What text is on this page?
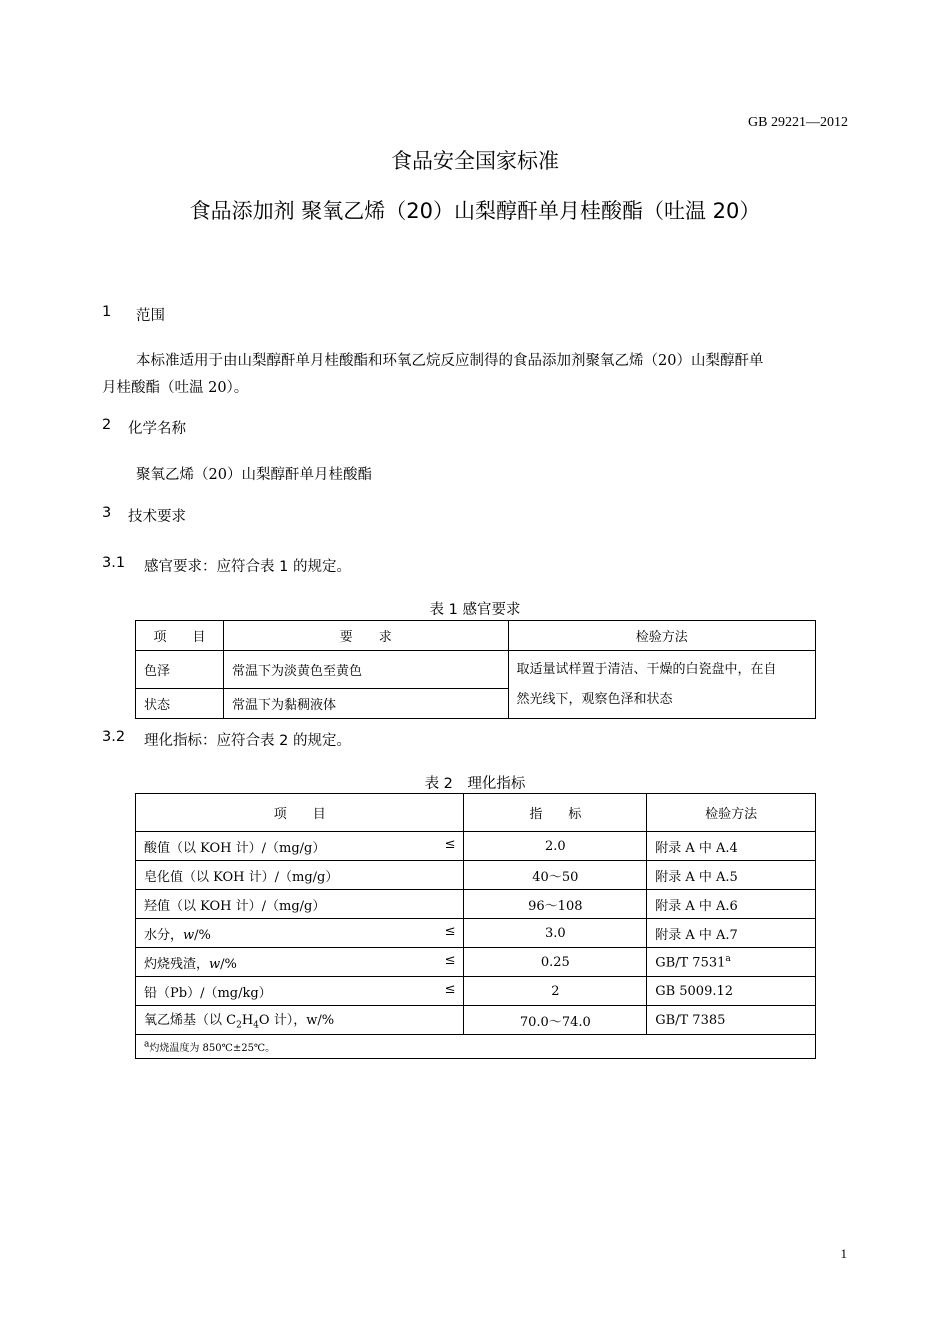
GB 29221—2012
食品安全国家标准
食品添加剂 聚氧乙烯（20）山梨醇酐单月桂酸酯（吐温 20）
1 范围
本标准适用于由山梨醇酐单月桂酸酯和环氧乙烷反应制得的食品添加剂聚氧乙烯（20）山梨醇酐单
月桂酸酯（吐温 20）。
2 化学名称
聚氧乙烯（20）山梨醇酐单月桂酸酯
3 技术要求
3.1 感官要求：应符合表 1 的规定。
表 1 感官要求
项　　目	要　　求	检验方法
色泽	常温下为淡黄色至黄色	取适量试样置于清洁、干燥的白瓷盘中，在自
然光线下，观察色泽和状态

状态	常温下为黏稠液体	
3.2 理化指标：应符合表 2 的规定。
表 2　理化指标
项　　目	指　　标	检验方法
酸值（以 KOH 计）/（mg/g） ≤	2.0	附录 A 中 A.4
皂化值（以 KOH 计）/（mg/g）	40～50	附录 A 中 A.5
羟值（以 KOH 计）/（mg/g）	96～108	附录 A 中 A.6
水分，w/% ≤	3.0	附录 A 中 A.7
灼烧残渣，w/% ≤	0.25	GB/T 7531$^a$
铅（Pb）/（mg/kg） ≤	2	GB 5009.12
氧乙烯基（以 $C_2H_4O$ 计），w/%	70.0～74.0	GB/T 7385
$^a$灼烧温度为 850℃±25℃。		
1
